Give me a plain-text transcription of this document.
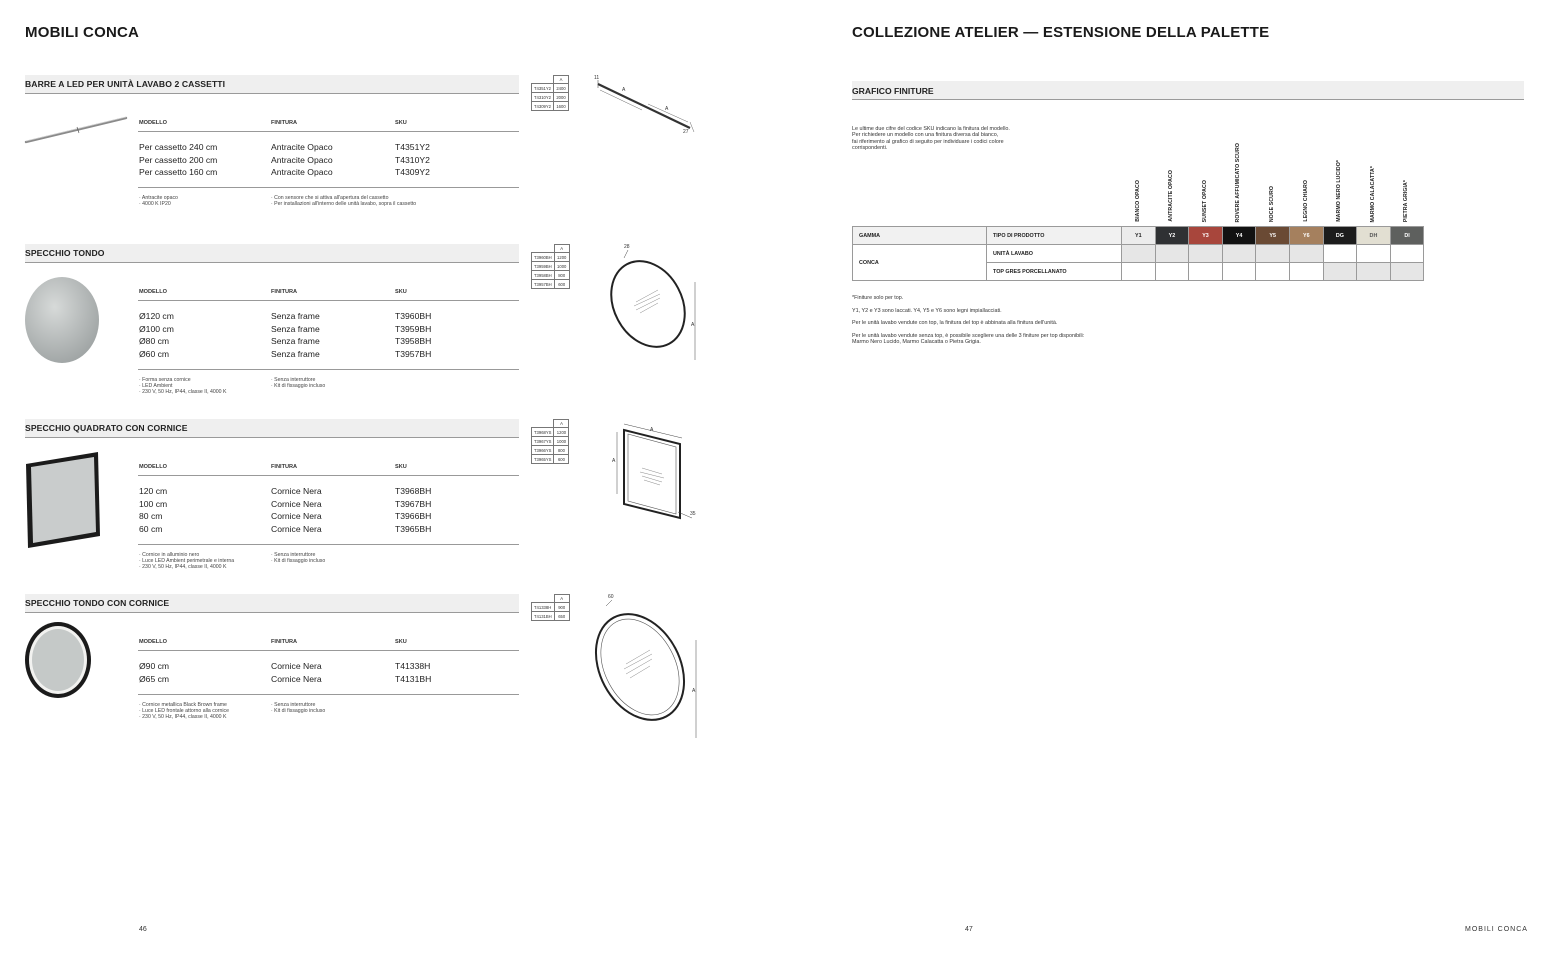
MOBILI CONCA
BARRE A LED PER UNITÀ LAVABO 2 CASSETTI
MODELLO	FINITURA	SKU
Per cassetto 240 cm	Antracite Opaco	T4351Y2
Per cassetto 200 cm	Antracite Opaco	T4310Y2
Per cassetto 160 cm	Antracite Opaco	T4309Y2
· Antracite opaco
· 4000 K IP20
· Con sensore che si attiva all'apertura del cassetto
· Per installazioni all'interno delle unità lavabo, sopra il cassetto
	A
T4351Y2	2400
T4310Y2	2000
T4309Y2	1600
11
A
A
27
SPECCHIO TONDO
MODELLO	FINITURA	SKU
Ø120 cm	Senza frame	T3960BH
Ø100 cm	Senza frame	T3959BH
Ø80 cm	Senza frame	T3958BH
Ø60 cm	Senza frame	T3957BH
· Forma senza cornice
· LED Ambient
· 230 V, 50 Hz, IP44, classe II, 4000 K
· Senza interruttore
· Kit di fissaggio incluso
	A
T3960BH	1200
T3959BH	1000
T3958BH	800
T3957BH	600
28
A
SPECCHIO QUADRATO CON CORNICE
MODELLO	FINITURA	SKU
120 cm	Cornice Nera	T3968BH
100 cm	Cornice Nera	T3967BH
80 cm	Cornice Nera	T3966BH
60 cm	Cornice Nera	T3965BH
· Cornice in alluminio nero
· Luce LED Ambient perimetrale e interna
· 230 V, 50 Hz, IP44, classe II, 4000 K
· Senza interruttore
· Kit di fissaggio incluso
	A
T3968YS	1200
T3967YS	1000
T3966YS	800
T3965YS	600
A
A
35
SPECCHIO TONDO CON CORNICE
MODELLO	FINITURA	SKU
Ø90 cm	Cornice Nera	T41338H
Ø65 cm	Cornice Nera	T4131BH
· Cornice metallica Black Brown frame
· Luce LED frontale attorno alla cornice
· 230 V, 50 Hz, IP44, classe II, 4000 K
· Senza interruttore
· Kit di fissaggio incluso
	A
T41338H	900
T4131BH	650
60
A
46
COLLEZIONE ATELIER — ESTENSIONE DELLA PALETTE
GRAFICO FINITURE
Le ultime due cifre del codice SKU indicano la finitura del modello.
Per richiedere un modello con una finitura diversa dal bianco,
fai riferimento al grafico di seguito per individuare i codici colore
corrispondenti.
BIANCO OPACO	ANTRACITE OPACO	SUNSET OPACO	ROVERE AFFUMICATO SCURO	NOCE SCURO	LEGNO CHIARO	MARMO NERO LUCIDO*	MARMO CALACATTA*	PIETRA GRIGIA*
GAMMA	TIPO DI PRODOTTO	Y1	Y2	Y3	Y4	Y5	Y6	DG	DH	DI
CONCA	UNITÀ LAVABO									
	TOP GRES PORCELLANATO									
*Finiture solo per top.
Y1, Y2 e Y3 sono laccati. Y4, Y5 e Y6 sono legni impiallacciati.
Per le unità lavabo vendute con top, la finitura del top è abbinata alla finitura dell'unità.
Per le unità lavabo vendute senza top, è possibile scegliere una delle 3 finiture per top disponibili:
Marmo Nero Lucido, Marmo Calacatta o Pietra Grigia.
47	MOBILI CONCA
